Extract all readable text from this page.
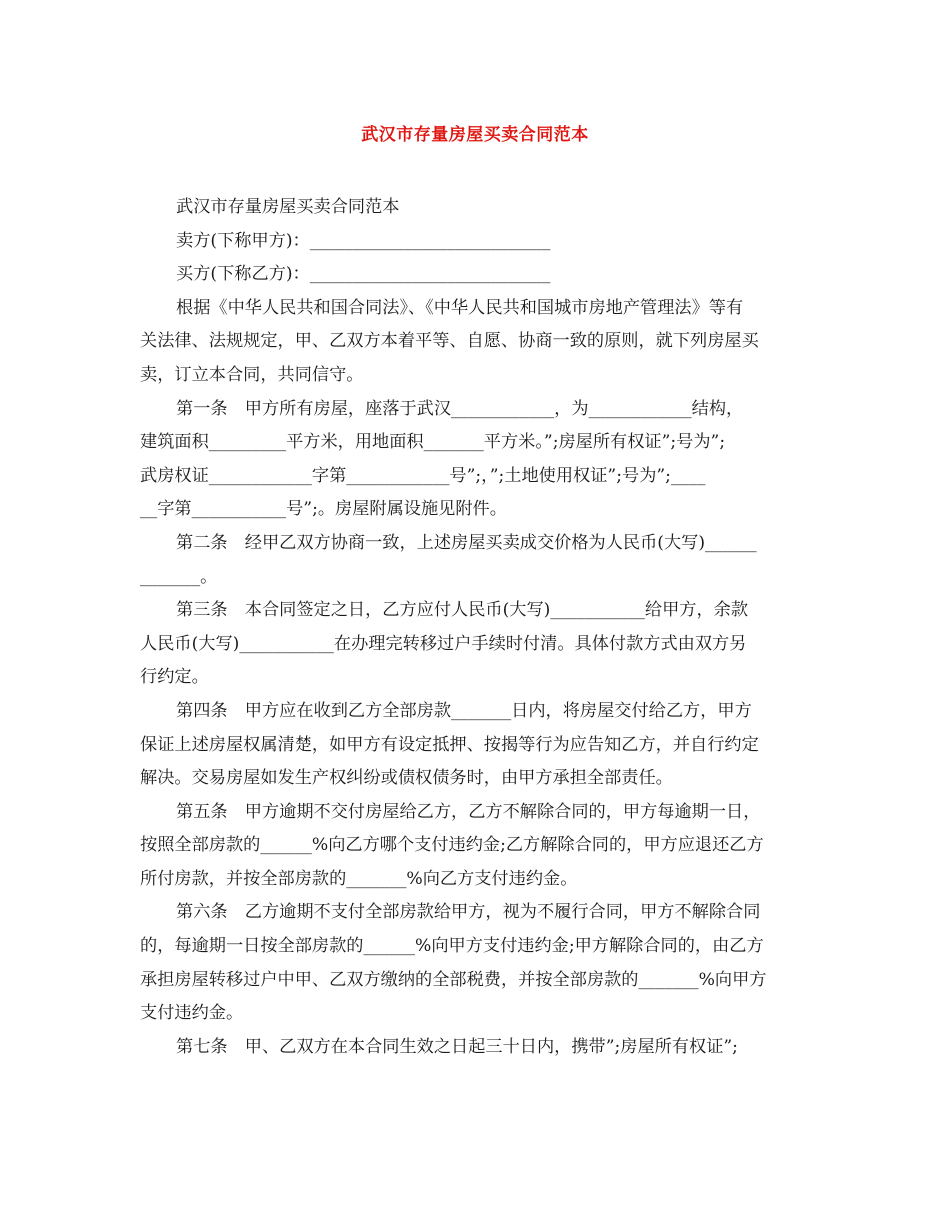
武汉市存量房屋买卖合同范本
武汉市存量房屋买卖合同范本
卖方(下称甲方)：____________________________
买方(下称乙方)：____________________________
根据《中华人民共和国合同法》、《中华人民共和国城市房地产管理法》等有
关法律、法规规定，甲、乙双方本着平等、自愿、协商一致的原则，就下列房屋买
卖，订立本合同，共同信守。
第一条　甲方所有房屋，座落于武汉____________，为____________结构，
建筑面积_________平方米，用地面积_______平方米。”;房屋所有权证”;号为”;
武房权证____________字第____________号”;，”;土地使用权证”;号为”;____
__字第___________号”;。房屋附属设施见附件。
第二条　经甲乙双方协商一致，上述房屋买卖成交价格为人民币(大写)______
_______。
第三条　本合同签定之日，乙方应付人民币(大写)___________给甲方，余款
人民币(大写)___________在办理完转移过户手续时付清。具体付款方式由双方另
行约定。
第四条　甲方应在收到乙方全部房款_______日内，将房屋交付给乙方，甲方
保证上述房屋权属清楚，如甲方有设定抵押、按揭等行为应告知乙方，并自行约定
解决。交易房屋如发生产权纠纷或债权债务时，由甲方承担全部责任。
第五条　甲方逾期不交付房屋给乙方，乙方不解除合同的，甲方每逾期一日，
按照全部房款的______%向乙方哪个支付违约金;乙方解除合同的，甲方应退还乙方
所付房款，并按全部房款的_______%向乙方支付违约金。
第六条　乙方逾期不支付全部房款给甲方，视为不履行合同，甲方不解除合同
的，每逾期一日按全部房款的______%向甲方支付违约金;甲方解除合同的，由乙方
承担房屋转移过户中甲、乙双方缴纳的全部税费，并按全部房款的_______%向甲方
支付违约金。
第七条　甲、乙双方在本合同生效之日起三十日内，携带”;房屋所有权证”;
